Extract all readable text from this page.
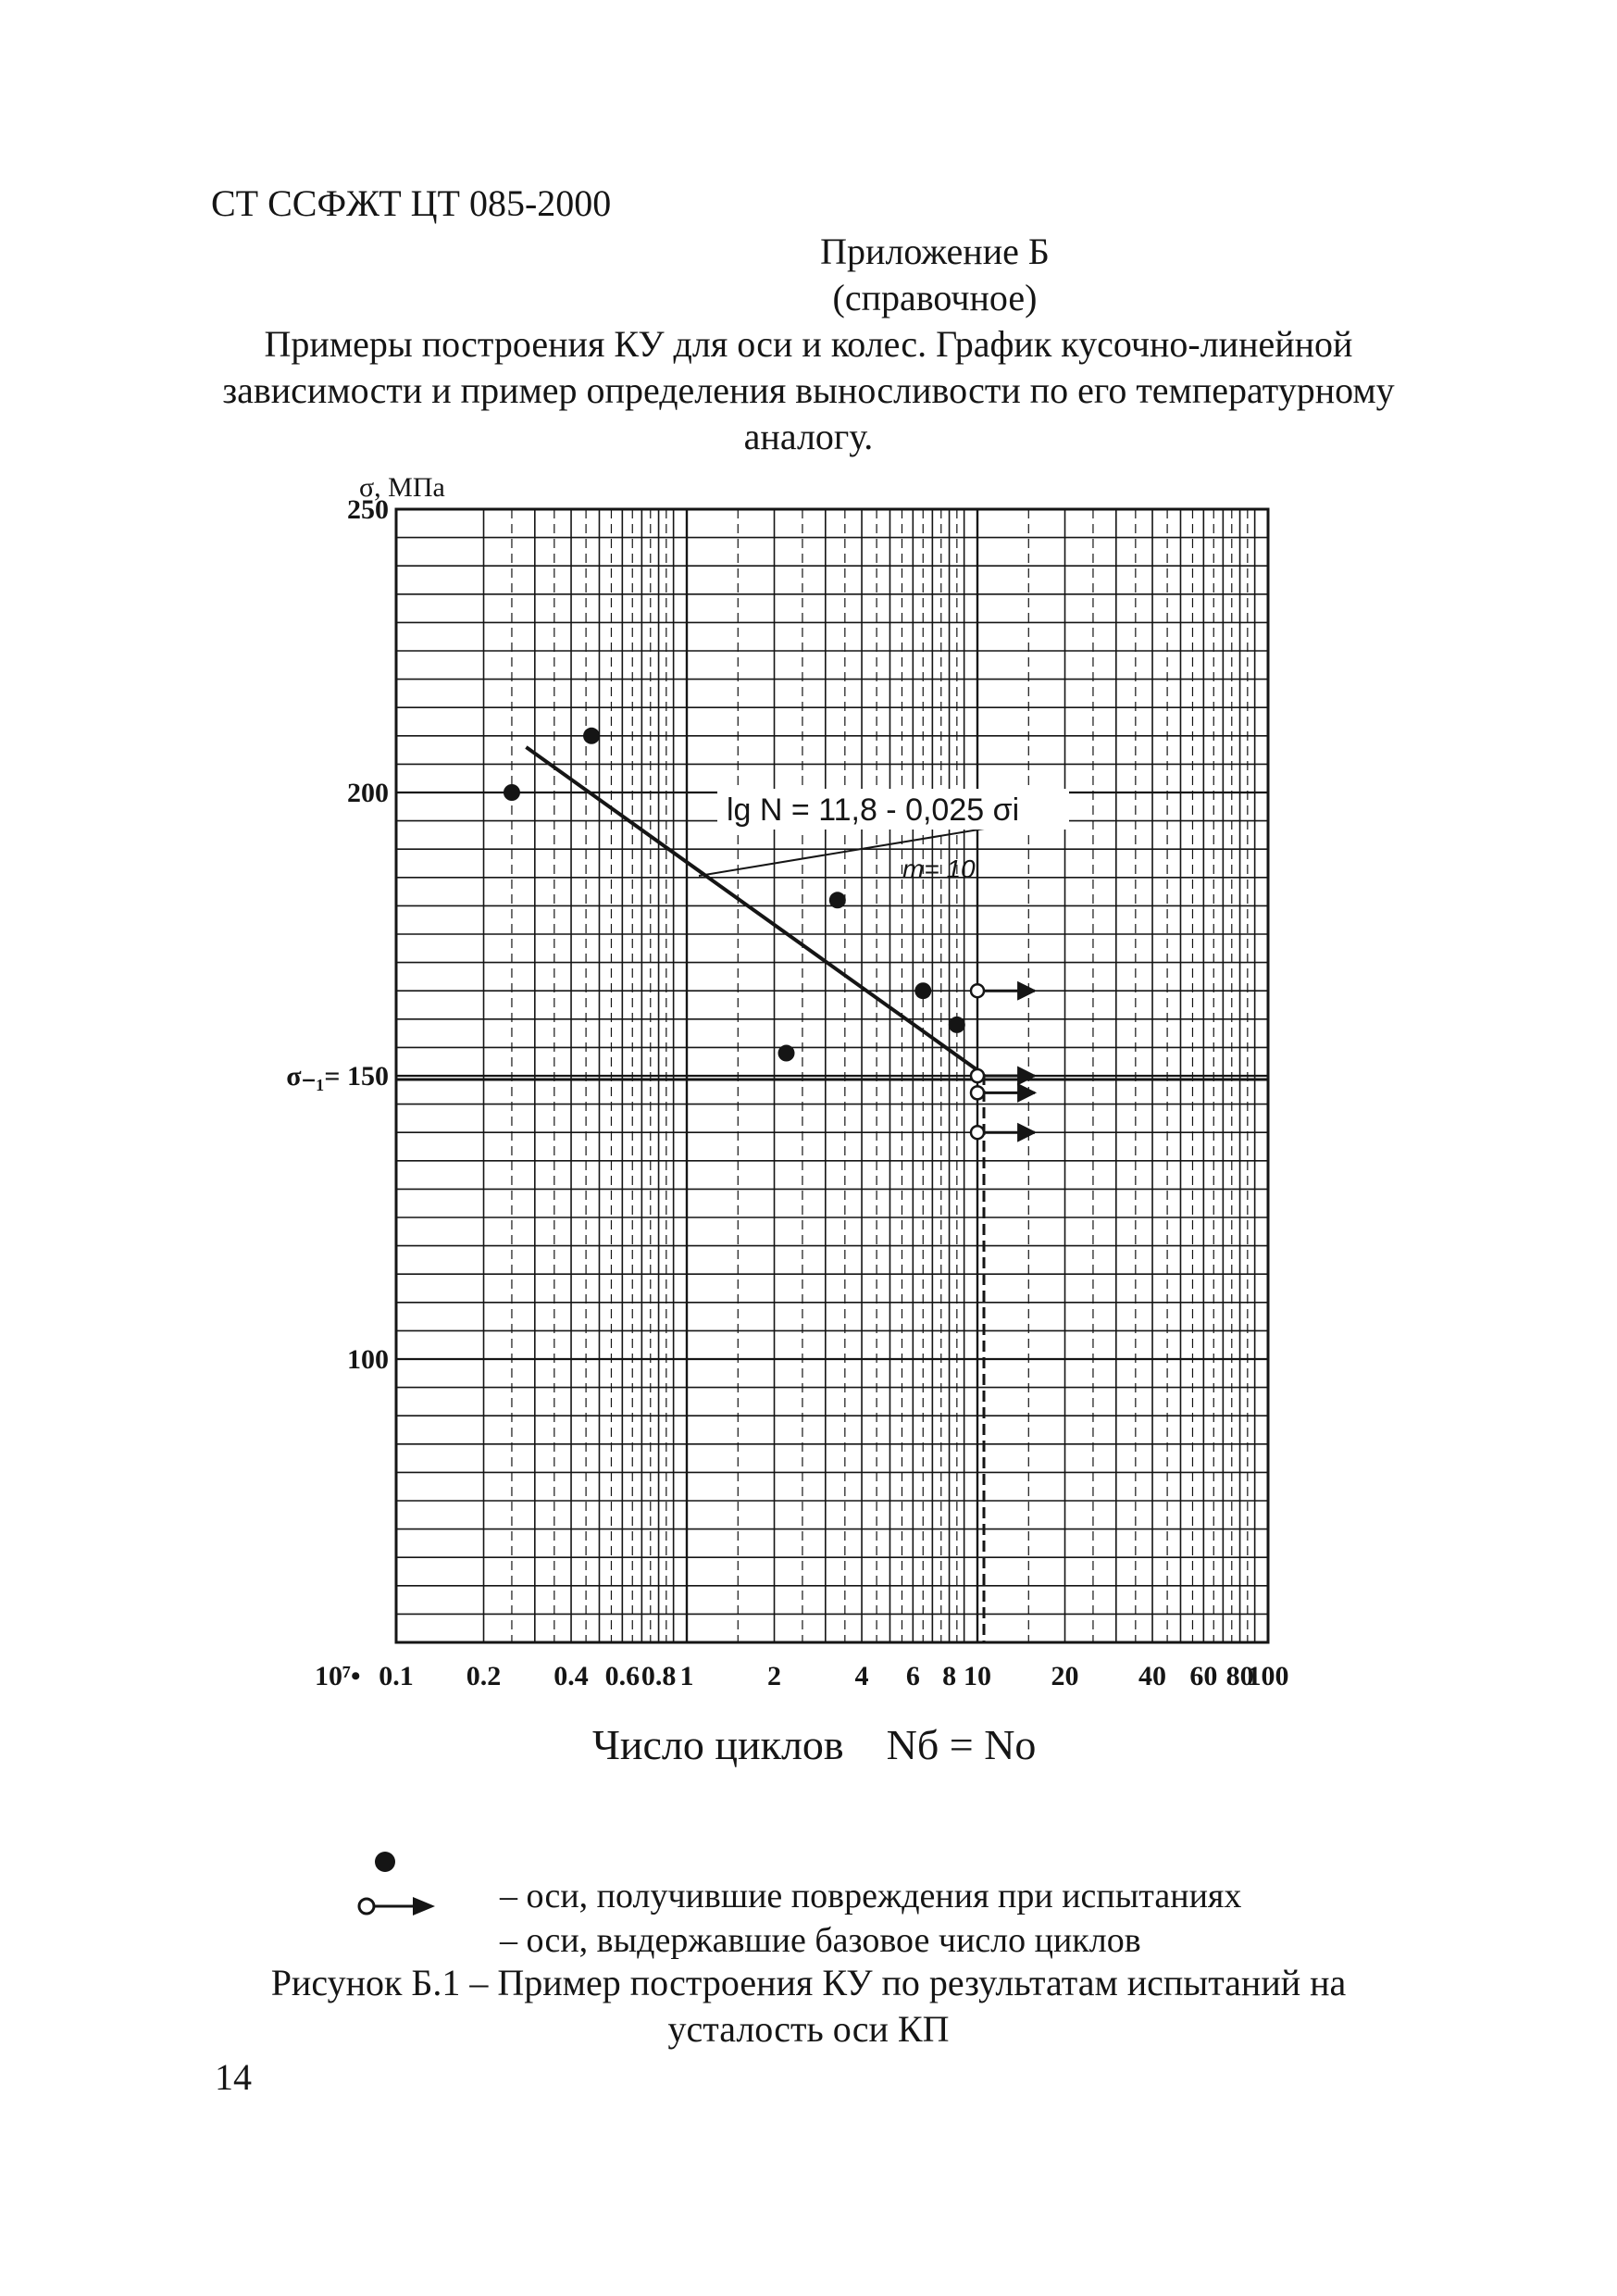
СТ ССФЖТ ЦТ 085-2000

Приложение Б

(справочное)

Примеры построения КУ для оси и колес. График кусочно-линейной

зависимости и пример определения выносливости по его температурному

аналогу.

lg N = 11,8 - 0,025 σi
m= 10
σ, МПа
250
200
σ₋₁= 150
100
10⁷• 0.1 0.2 0.4 0.6 0.8 1	2	4 6 8 10 20 40 60 80
100
Число циклов    Nб = No

– оси, получившие повреждения при испытаниях

– оси, выдержавшие базовое число циклов

Рисунок Б.1 – Пример построения КУ по результатам испытаний на

усталость оси КП

14
